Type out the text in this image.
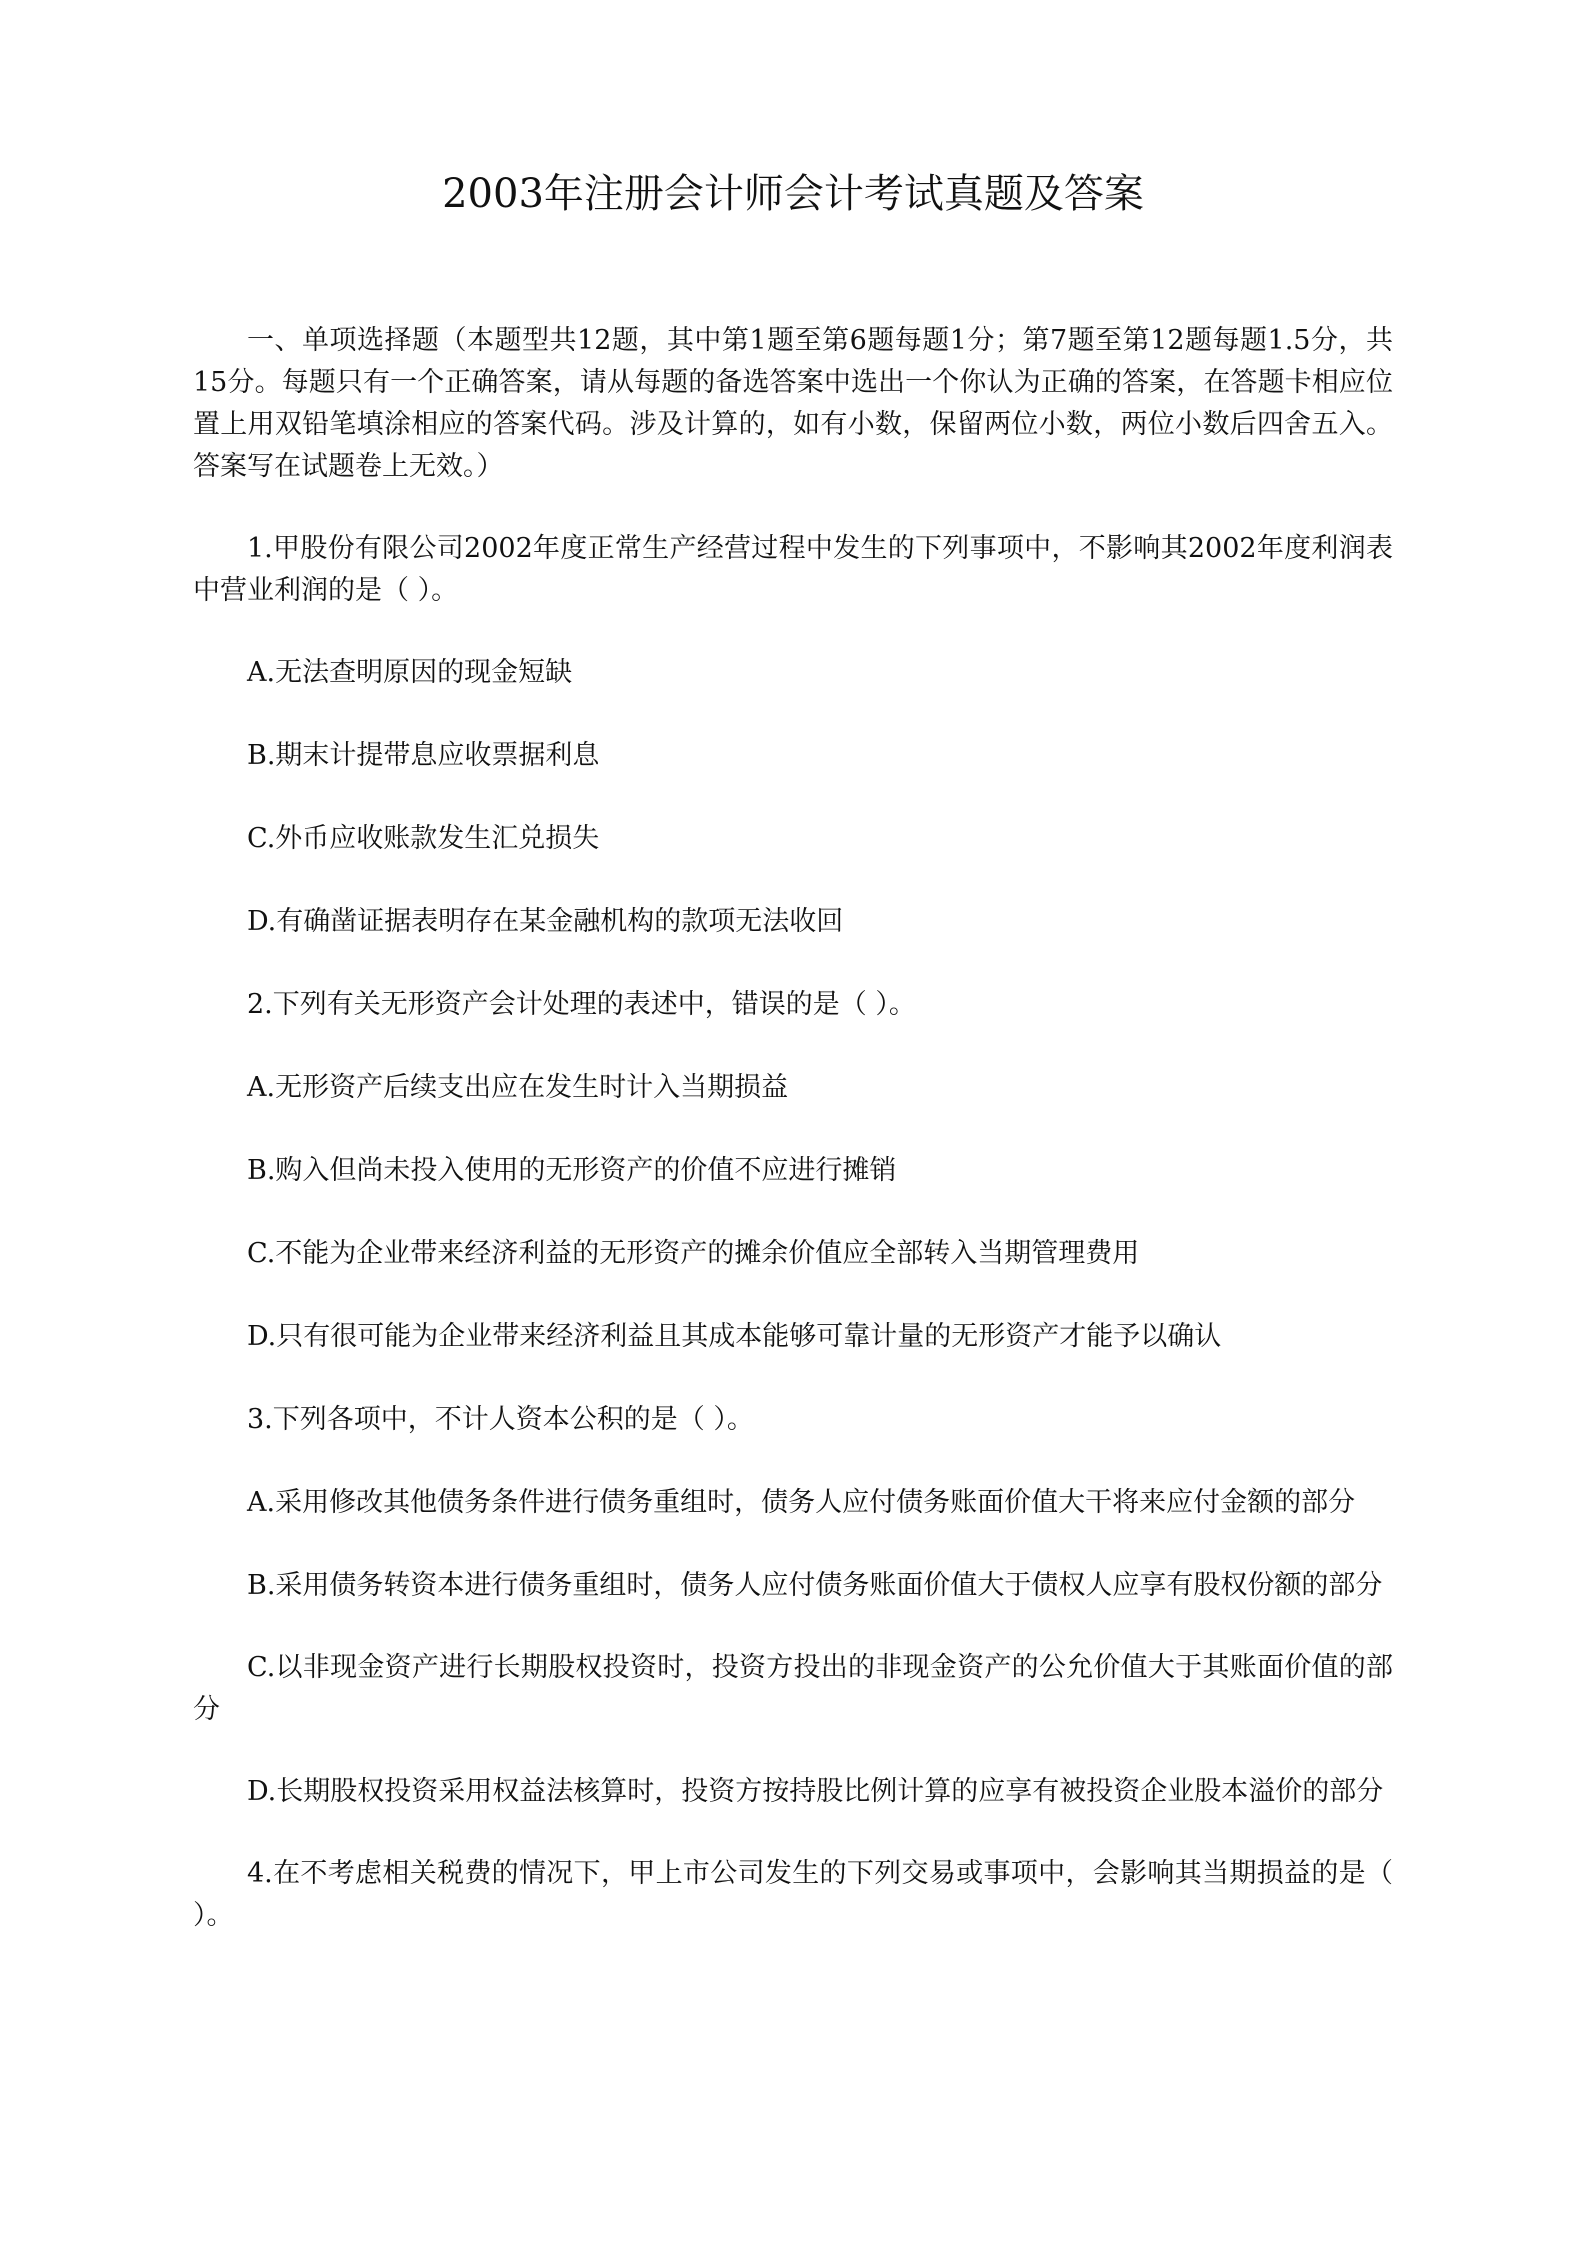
2003年注册会计师会计考试真题及答案

一、单项选择题（本题型共12题，其中第1题至第6题每题1分；第7题至第12题每题1.5分，共15分。每题只有一个正确答案，请从每题的备选答案中选出一个你认为正确的答案，在答题卡相应位置上用双铅笔填涂相应的答案代码。涉及计算的，如有小数，保留两位小数，两位小数后四舍五入。答案写在试题卷上无效。）

1.甲股份有限公司2002年度正常生产经营过程中发生的下列事项中，不影响其2002年度利润表中营业利润的是（ ）。

A.无法查明原因的现金短缺

B.期末计提带息应收票据利息

C.外币应收账款发生汇兑损失

D.有确凿证据表明存在某金融机构的款项无法收回

2.下列有关无形资产会计处理的表述中，错误的是（ ）。

A.无形资产后续支出应在发生时计入当期损益

B.购入但尚未投入使用的无形资产的价值不应进行摊销

C.不能为企业带来经济利益的无形资产的摊余价值应全部转入当期管理费用

D.只有很可能为企业带来经济利益且其成本能够可靠计量的无形资产才能予以确认

3.下列各项中，不计人资本公积的是（ ）。

A.采用修改其他债务条件进行债务重组时，债务人应付债务账面价值大干将来应付金额的部分

B.采用债务转资本进行债务重组时，债务人应付债务账面价值大于债权人应享有股权份额的部分

C.以非现金资产进行长期股权投资时，投资方投出的非现金资产的公允价值大于其账面价值的部分

D.长期股权投资采用权益法核算时，投资方按持股比例计算的应享有被投资企业股本溢价的部分

4.在不考虑相关税费的情况下，甲上市公司发生的下列交易或事项中，会影响其当期损益的是（ ）。
